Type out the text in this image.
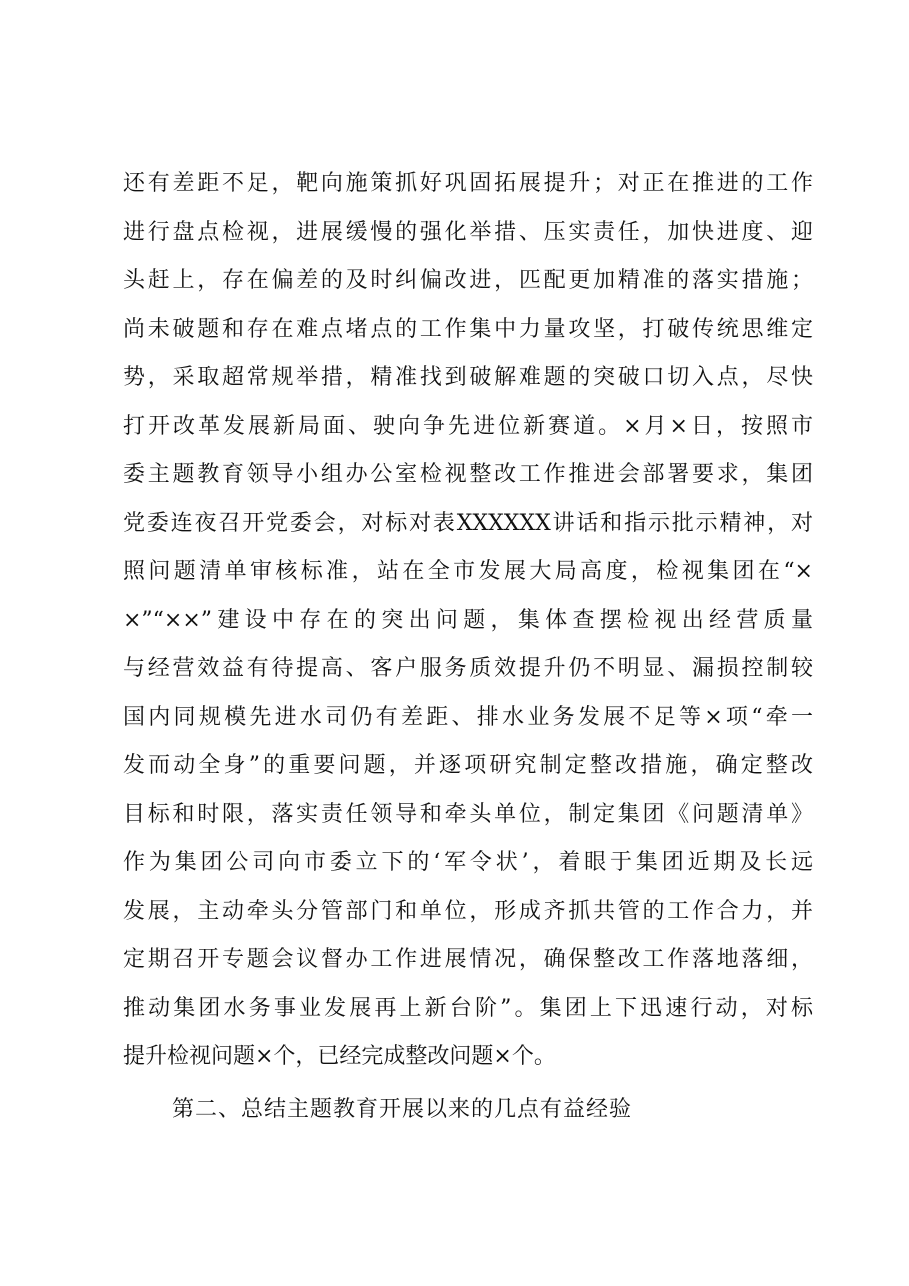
还有差距不足，靶向施策抓好巩固拓展提升；对正在推进的工作
进行盘点检视，进展缓慢的强化举措、压实责任，加快进度、迎
头赶上，存在偏差的及时纠偏改进，匹配更加精准的落实措施；
尚未破题和存在难点堵点的工作集中力量攻坚，打破传统思维定
势，采取超常规举措，精准找到破解难题的突破口切入点，尽快
打开改革发展新局面、驶向争先进位新赛道。×月×日，按照市
委主题教育领导小组办公室检视整改工作推进会部署要求，集团
党委连夜召开党委会，对标对表XXXXXX讲话和指示批示精神，对
照问题清单审核标准，站在全市发展大局高度，检视集团在“×
×”“××”建设中存在的突出问题，集体查摆检视出经营质量
与经营效益有待提高、客户服务质效提升仍不明显、漏损控制较
国内同规模先进水司仍有差距、排水业务发展不足等×项“牵一
发而动全身”的重要问题，并逐项研究制定整改措施，确定整改
目标和时限，落实责任领导和牵头单位，制定集团《问题清单》
作为集团公司向市委立下的‘军令状’，着眼于集团近期及长远
发展，主动牵头分管部门和单位，形成齐抓共管的工作合力，并
定期召开专题会议督办工作进展情况，确保整改工作落地落细，
推动集团水务事业发展再上新台阶”。集团上下迅速行动，对标
提升检视问题×个，已经完成整改问题×个。
第二、总结主题教育开展以来的几点有益经验
